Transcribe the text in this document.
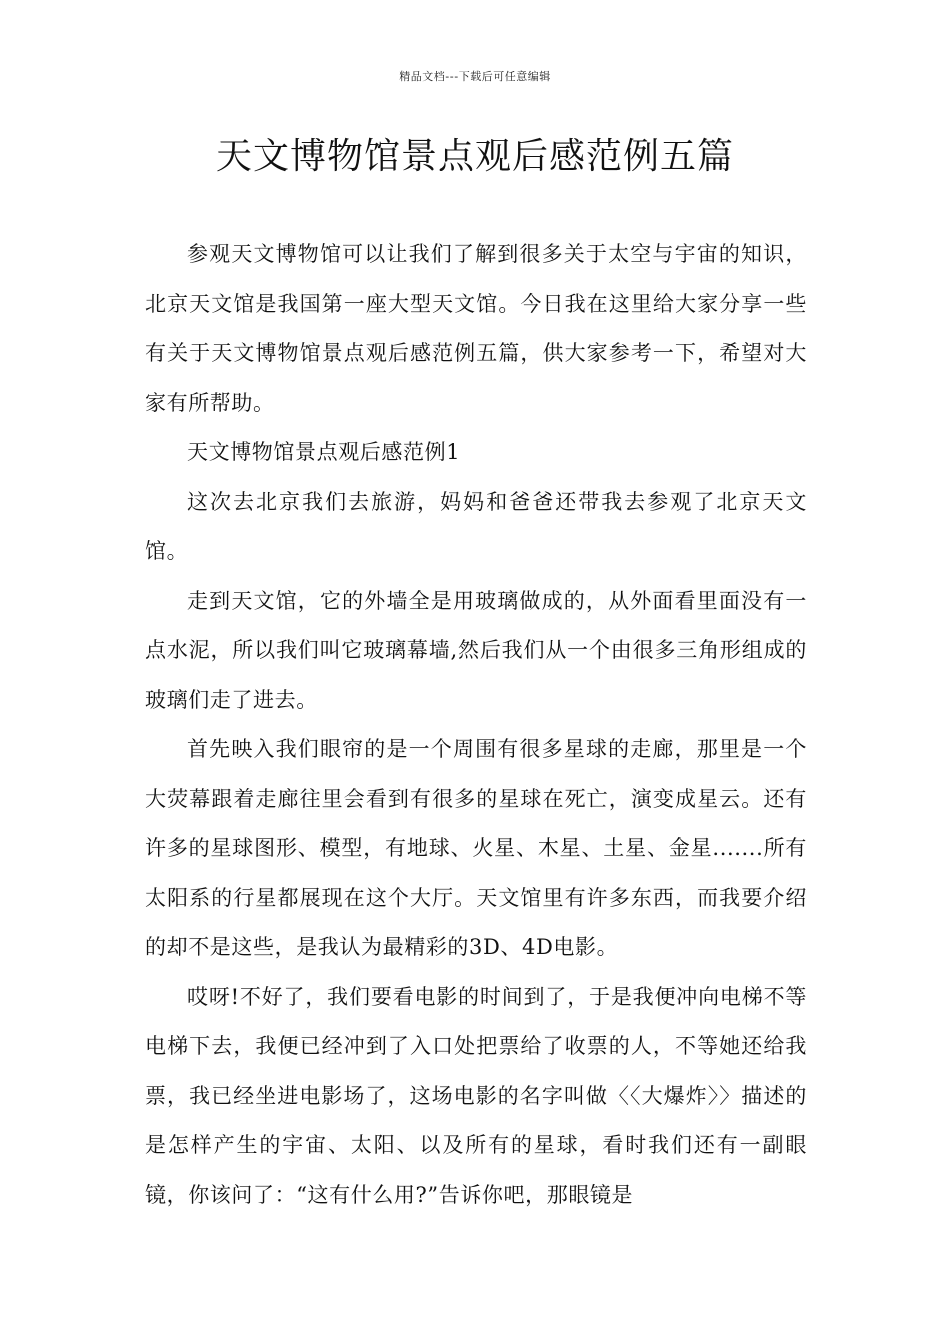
精品文档---下载后可任意编辑
天文博物馆景点观后感范例五篇

参观天文博物馆可以让我们了解到很多关于太空与宇宙的知识，北京天文馆是我国第一座大型天文馆。今日我在这里给大家分享一些有关于天文博物馆景点观后感范例五篇，供大家参考一下，希望对大家有所帮助。

天文博物馆景点观后感范例1

这次去北京我们去旅游，妈妈和爸爸还带我去参观了北京天文馆。

走到天文馆，它的外墙全是用玻璃做成的，从外面看里面没有一点水泥，所以我们叫它玻璃幕墙,然后我们从一个由很多三角形组成的玻璃们走了进去。

首先映入我们眼帘的是一个周围有很多星球的走廊，那里是一个大荧幕跟着走廊往里会看到有很多的星球在死亡，演变成星云。还有许多的星球图形、模型，有地球、火星、木星、土星、金星.......所有太阳系的行星都展现在这个大厅。天文馆里有许多东西，而我要介绍的却不是这些，是我认为最精彩的3D、4D电影。

哎呀!不好了，我们要看电影的时间到了，于是我便冲向电梯不等电梯下去，我便已经冲到了入口处把票给了收票的人，不等她还给我票，我已经坐进电影场了，这场电影的名字叫做〈〈大爆炸〉〉描述的是怎样产生的宇宙、太阳、以及所有的星球，看时我们还有一副眼镜，你该问了：“这有什么用?”告诉你吧，那眼镜是
